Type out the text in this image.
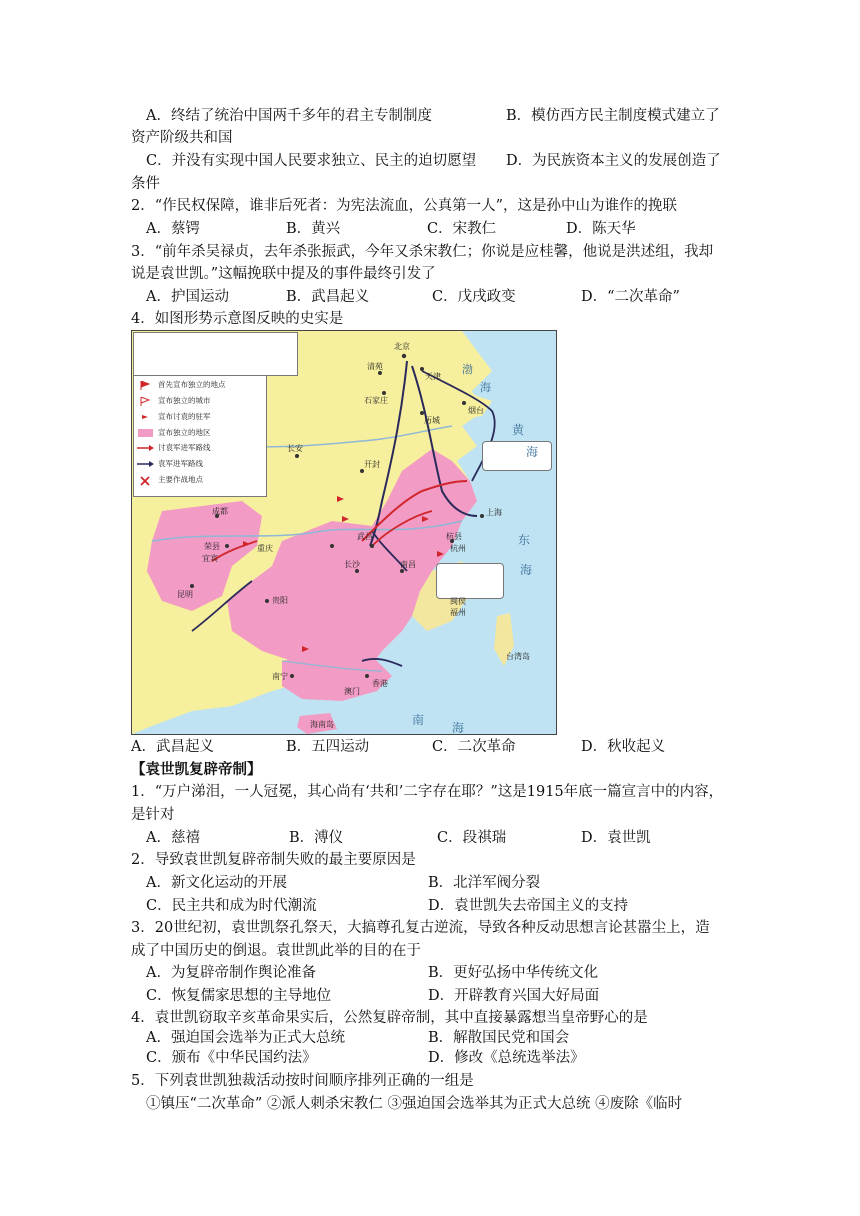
A．终结了统治中国两千多年的君主专制制度	B．模仿西方民主制度模式建立了
资产阶级共和国
C．并没有实现中国人民要求独立、民主的迫切愿望 D．为民族资本主义的发展创造了
条件
2．“作民权保障，谁非后死者：为宪法流血，公真第一人”，这是孙中山为谁作的挽联
A．蔡锷	B．黄兴	C．宋教仁	D．陈天华
3．“前年杀吴禄贞，去年杀张振武，今年又杀宋教仁；你说是应桂馨，他说是洪述组，我却
说是袁世凯。”这幅挽联中提及的事件最终引发了
A．护国运动	B．武昌起义	C．戊戌政变	D．“二次革命”
4．如图形势示意图反映的史实是
首先宣布独立的地点
宣布独立的城市
宣布讨袁的驻军
宣布独立的地区
讨袁军进军路线
袁军进军路线
主要作战地点
北京
天津
清苑
石家庄
历城
烟台
长安
开封
成都
荣县
宜宾
重庆
昆明
贵阳
长沙
武昌
南昌
上海
杭县
杭州
福州
闽侯
台湾岛
香港
澳门
南宁
海南岛
渤
海
黄
海
东
海
南
海
A．武昌起义	B．五四运动	C．二次革命	D．秋收起义
【袁世凯复辟帝制】
1．“万户涕泪，一人冠冕，其心尚有‘共和’二字存在耶？”这是1915年底一篇宣言中的内容，
是针对
A．慈禧	B．溥仪	C．段祺瑞	D．袁世凯
2．导致袁世凯复辟帝制失败的最主要原因是
A．新文化运动的开展	B．北洋军阀分裂
C．民主共和成为时代潮流	D．袁世凯失去帝国主义的支持
3．20世纪初，袁世凯祭孔祭天，大搞尊孔复古逆流，导致各种反动思想言论甚嚣尘上，造
成了中国历史的倒退。袁世凯此举的目的在于
A．为复辟帝制作舆论准备	B．更好弘扬中华传统文化
C．恢复儒家思想的主导地位	D．开辟教育兴国大好局面
4．袁世凯窃取辛亥革命果实后，公然复辟帝制，其中直接暴露想当皇帝野心的是
A．强迫国会选举为正式大总统	B．解散国民党和国会
C．颁布《中华民国约法》	D．修改《总统选举法》
5．下列袁世凯独裁活动按时间顺序排列正确的一组是
①镇压“二次革命” ②派人刺杀宋教仁 ③强迫国会选举其为正式大总统 ④废除《临时
